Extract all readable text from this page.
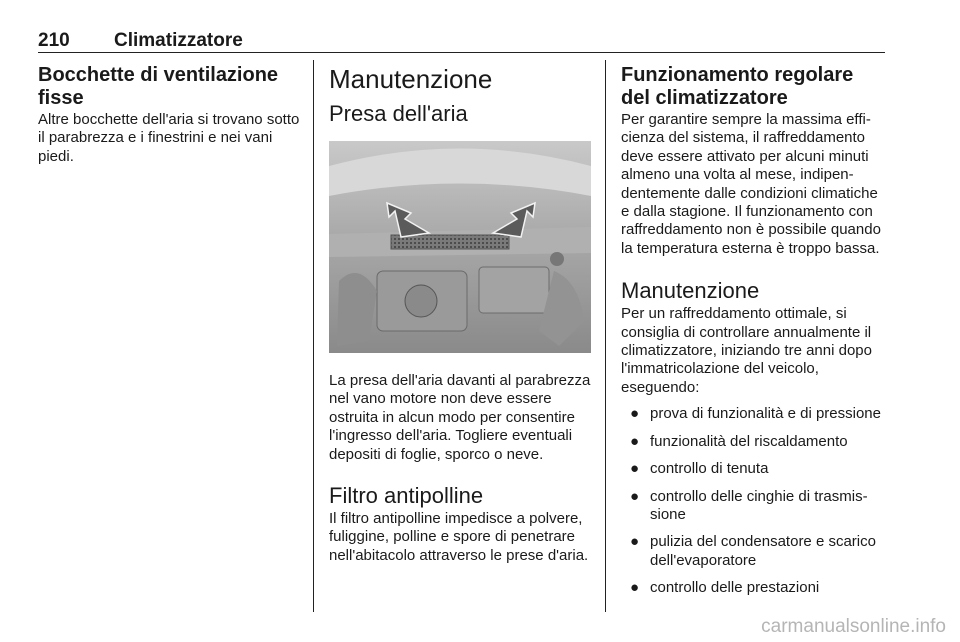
210 Climatizzatore
Bocchette di ventilazione fisse

Altre bocchette dell'aria si trovano sotto il parabrezza e i finestrini e nei vani piedi.

Manutenzione
Presa dell'aria

La presa dell'aria davanti al parabrezza nel vano motore non deve essere ostruita in alcun modo per consentire l'ingresso dell'aria. Togliere eventuali depositi di foglie, sporco o neve.

Filtro antipolline

Il filtro antipolline impedisce a polvere, fuliggine, polline e spore di penetrare nell'abitacolo attraverso le prese d'aria.

Funzionamento regolare del climatizzatore

Per garantire sempre la massima efficienza del sistema, il raffreddamento deve essere attivato per alcuni minuti almeno una volta al mese, indipendentemente dalle condizioni climatiche e dalla stagione. Il funzionamento con raffreddamento non è possibile quando la temperatura esterna è troppo bassa.

Manutenzione

Per un raffreddamento ottimale, si consiglia di controllare annualmente il climatizzatore, iniziando tre anni dopo l'immatricolazione del veicolo, eseguendo:

● prova di funzionalità e di pressione
● funzionalità del riscaldamento
● controllo di tenuta
● controllo delle cinghie di trasmissione
● pulizia del condensatore e scarico dell'evaporatore
● controllo delle prestazioni
carmanualsonline.info
